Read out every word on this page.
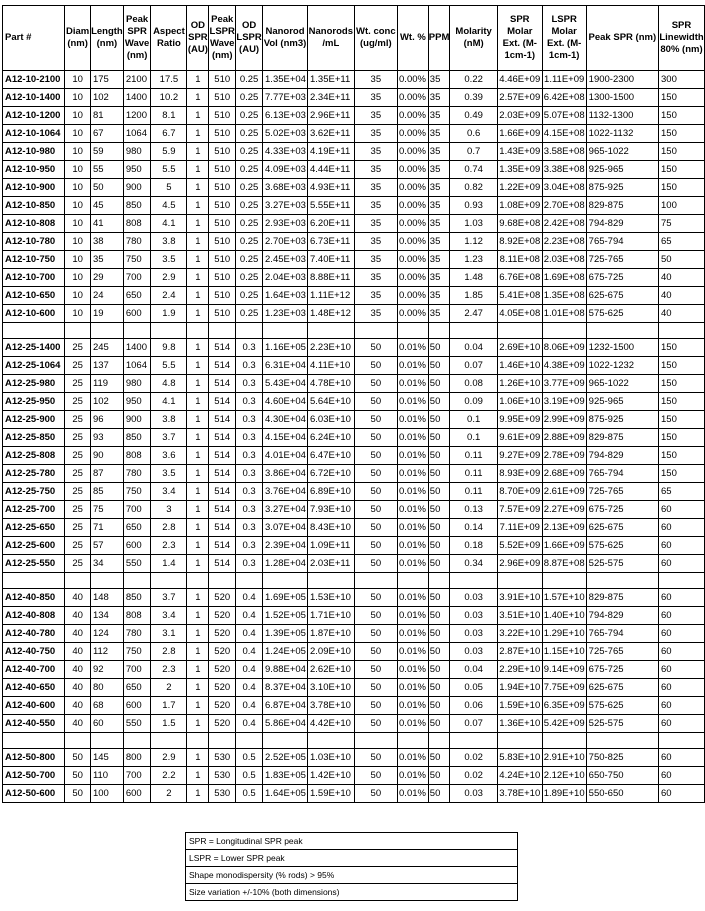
Part #	Diam (nm)	Length (nm)	Peak SPR Wave (nm)	Aspect Ratio	OD SPR (AU)	Peak LSPR Wave (nm)	OD LSPR (AU)	Nanorod Vol (nm3)	Nanorods /mL	Wt. conc (ug/ml)	Wt. %	PPM	Molarity (nM)	SPR Molar Ext. (M-1cm-1)	LSPR Molar Ext. (M-1cm-1)	Peak SPR (nm)	SPR Linewidth 80% (nm)
A12-10-2100	10	175	2100	17.5	1	510	0.25	1.35E+04	1.35E+11	35	0.00%	35	0.22	4.46E+09	1.11E+09	1900-2300	300
A12-10-1400	10	102	1400	10.2	1	510	0.25	7.77E+03	2.34E+11	35	0.00%	35	0.39	2.57E+09	6.42E+08	1300-1500	150
A12-10-1200	10	81	1200	8.1	1	510	0.25	6.13E+03	2.96E+11	35	0.00%	35	0.49	2.03E+09	5.07E+08	1132-1300	150
A12-10-1064	10	67	1064	6.7	1	510	0.25	5.02E+03	3.62E+11	35	0.00%	35	0.6	1.66E+09	4.15E+08	1022-1132	150
A12-10-980	10	59	980	5.9	1	510	0.25	4.33E+03	4.19E+11	35	0.00%	35	0.7	1.43E+09	3.58E+08	965-1022	150
A12-10-950	10	55	950	5.5	1	510	0.25	4.09E+03	4.44E+11	35	0.00%	35	0.74	1.35E+09	3.38E+08	925-965	150
A12-10-900	10	50	900	5	1	510	0.25	3.68E+03	4.93E+11	35	0.00%	35	0.82	1.22E+09	3.04E+08	875-925	150
A12-10-850	10	45	850	4.5	1	510	0.25	3.27E+03	5.55E+11	35	0.00%	35	0.93	1.08E+09	2.70E+08	829-875	100
A12-10-808	10	41	808	4.1	1	510	0.25	2.93E+03	6.20E+11	35	0.00%	35	1.03	9.68E+08	2.42E+08	794-829	75
A12-10-780	10	38	780	3.8	1	510	0.25	2.70E+03	6.73E+11	35	0.00%	35	1.12	8.92E+08	2.23E+08	765-794	65
A12-10-750	10	35	750	3.5	1	510	0.25	2.45E+03	7.40E+11	35	0.00%	35	1.23	8.11E+08	2.03E+08	725-765	50
A12-10-700	10	29	700	2.9	1	510	0.25	2.04E+03	8.88E+11	35	0.00%	35	1.48	6.76E+08	1.69E+08	675-725	40
A12-10-650	10	24	650	2.4	1	510	0.25	1.64E+03	1.11E+12	35	0.00%	35	1.85	5.41E+08	1.35E+08	625-675	40
A12-10-600	10	19	600	1.9	1	510	0.25	1.23E+03	1.48E+12	35	0.00%	35	2.47	4.05E+08	1.01E+08	575-625	40

A12-25-1400	25	245	1400	9.8	1	514	0.3	1.16E+05	2.23E+10	50	0.01%	50	0.04	2.69E+10	8.06E+09	1232-1500	150
A12-25-1064	25	137	1064	5.5	1	514	0.3	6.31E+04	4.11E+10	50	0.01%	50	0.07	1.46E+10	4.38E+09	1022-1232	150
A12-25-980	25	119	980	4.8	1	514	0.3	5.43E+04	4.78E+10	50	0.01%	50	0.08	1.26E+10	3.77E+09	965-1022	150
A12-25-950	25	102	950	4.1	1	514	0.3	4.60E+04	5.64E+10	50	0.01%	50	0.09	1.06E+10	3.19E+09	925-965	150
A12-25-900	25	96	900	3.8	1	514	0.3	4.30E+04	6.03E+10	50	0.01%	50	0.1	9.95E+09	2.99E+09	875-925	150
A12-25-850	25	93	850	3.7	1	514	0.3	4.15E+04	6.24E+10	50	0.01%	50	0.1	9.61E+09	2.88E+09	829-875	150
A12-25-808	25	90	808	3.6	1	514	0.3	4.01E+04	6.47E+10	50	0.01%	50	0.11	9.27E+09	2.78E+09	794-829	150
A12-25-780	25	87	780	3.5	1	514	0.3	3.86E+04	6.72E+10	50	0.01%	50	0.11	8.93E+09	2.68E+09	765-794	150
A12-25-750	25	85	750	3.4	1	514	0.3	3.76E+04	6.89E+10	50	0.01%	50	0.11	8.70E+09	2.61E+09	725-765	65
A12-25-700	25	75	700	3	1	514	0.3	3.27E+04	7.93E+10	50	0.01%	50	0.13	7.57E+09	2.27E+09	675-725	60
A12-25-650	25	71	650	2.8	1	514	0.3	3.07E+04	8.43E+10	50	0.01%	50	0.14	7.11E+09	2.13E+09	625-675	60
A12-25-600	25	57	600	2.3	1	514	0.3	2.39E+04	1.09E+11	50	0.01%	50	0.18	5.52E+09	1.66E+09	575-625	60
A12-25-550	25	34	550	1.4	1	514	0.3	1.28E+04	2.03E+11	50	0.01%	50	0.34	2.96E+09	8.87E+08	525-575	60

A12-40-850	40	148	850	3.7	1	520	0.4	1.69E+05	1.53E+10	50	0.01%	50	0.03	3.91E+10	1.57E+10	829-875	60
A12-40-808	40	134	808	3.4	1	520	0.4	1.52E+05	1.71E+10	50	0.01%	50	0.03	3.51E+10	1.40E+10	794-829	60
A12-40-780	40	124	780	3.1	1	520	0.4	1.39E+05	1.87E+10	50	0.01%	50	0.03	3.22E+10	1.29E+10	765-794	60
A12-40-750	40	112	750	2.8	1	520	0.4	1.24E+05	2.09E+10	50	0.01%	50	0.03	2.87E+10	1.15E+10	725-765	60
A12-40-700	40	92	700	2.3	1	520	0.4	9.88E+04	2.62E+10	50	0.01%	50	0.04	2.29E+10	9.14E+09	675-725	60
A12-40-650	40	80	650	2	1	520	0.4	8.37E+04	3.10E+10	50	0.01%	50	0.05	1.94E+10	7.75E+09	625-675	60
A12-40-600	40	68	600	1.7	1	520	0.4	6.87E+04	3.78E+10	50	0.01%	50	0.06	1.59E+10	6.35E+09	575-625	60
A12-40-550	40	60	550	1.5	1	520	0.4	5.86E+04	4.42E+10	50	0.01%	50	0.07	1.36E+10	5.42E+09	525-575	60

A12-50-800	50	145	800	2.9	1	530	0.5	2.52E+05	1.03E+10	50	0.01%	50	0.02	5.83E+10	2.91E+10	750-825	60
A12-50-700	50	110	700	2.2	1	530	0.5	1.83E+05	1.42E+10	50	0.01%	50	0.02	4.24E+10	2.12E+10	650-750	60
A12-50-600	50	100	600	2	1	530	0.5	1.64E+05	1.59E+10	50	0.01%	50	0.03	3.78E+10	1.89E+10	550-650	60
SPR = Longitudinal SPR peak
LSPR = Lower SPR peak
Shape monodispersity (% rods) > 95%
Size variation +/-10% (both dimensions)
